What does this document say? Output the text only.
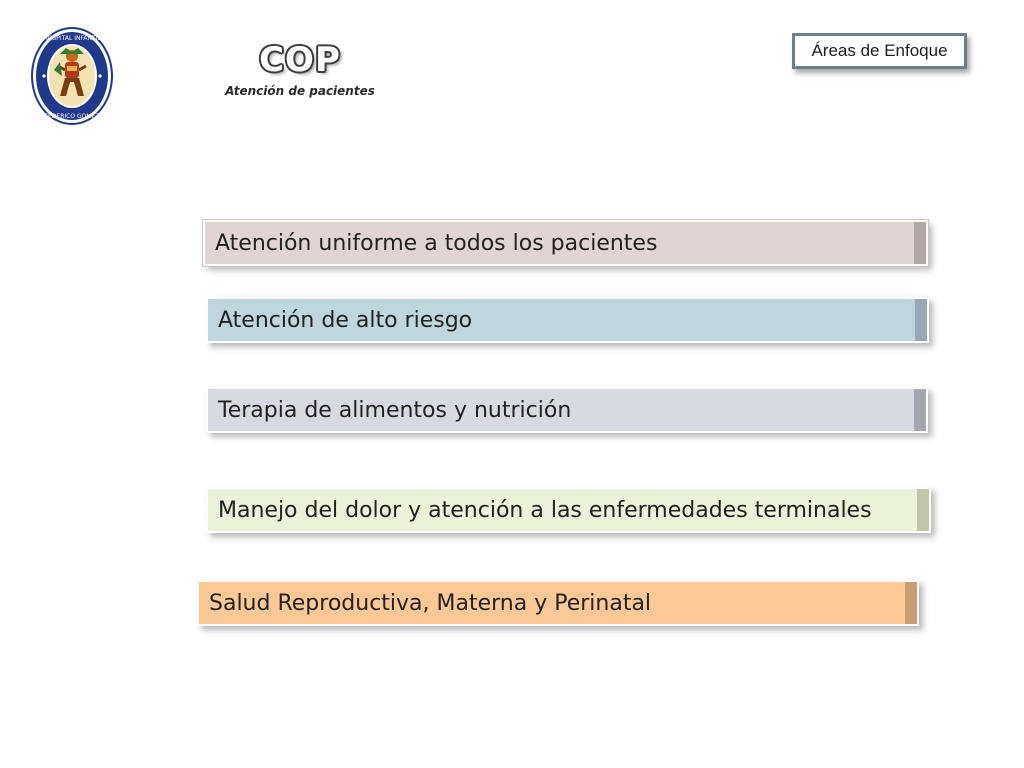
HOSPITAL INFANTIL
FEDERICO GOMEZ
COP
Atención de pacientes
Áreas de Enfoque
Atención uniforme a todos los pacientes
Atención de alto riesgo
Terapia de alimentos y nutrición
Manejo del dolor y atención a las enfermedades terminales
Salud Reproductiva, Materna y Perinatal
